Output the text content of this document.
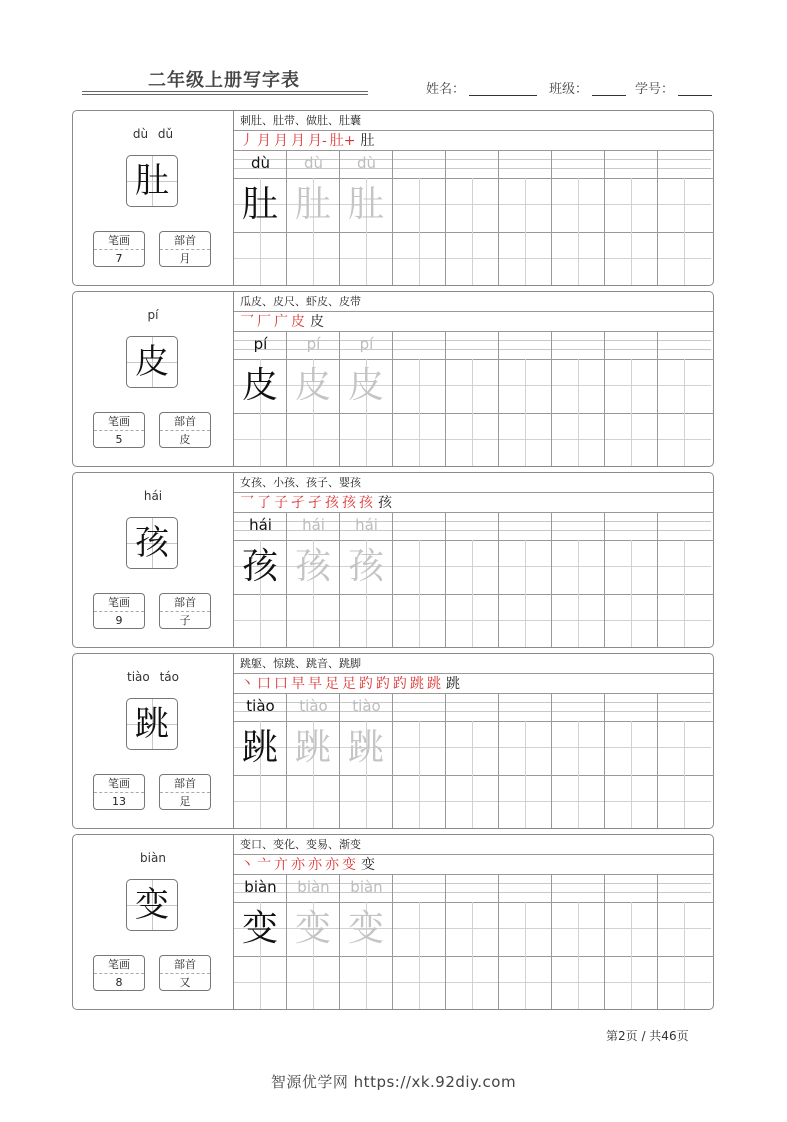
二年级上册写字表	姓名：	班级：	学号：
dù dǔ
肚
笔画
7
部首
月
刺肚、肚带、做肚、肚囊
丿 月 月 月 月- 肚+ 肚
dù	dù	dù
肚 肚 肚
pí
皮
笔画
5
部首
皮
瓜皮、皮尺、虾皮、皮带
乛 厂 广 皮 皮
pí	pí	pí
皮 皮 皮
hái
孩
笔画
9
部首
子
女孩、小孩、孩子、婴孩
乛 了 子 孑 孑 孩 孩 孩 孩
hái	hái	hái
孩 孩 孩
tiào táo
跳
笔画
13
部首
足
跳躯、惊跳、跳音、跳脚
丶 口 口 早 早 足 足 趵 趵 趵 跳 跳 跳
tiào	tiào	tiào
跳 跳 跳
biàn
变
笔画
8
部首
又
变口、变化、变易、渐变
丶 亠 亣 亦 亦 亦 变 变
biàn	biàn	biàn
变 变 变
第2页 / 共46页
智源优学网 https://xk.92diy.com
